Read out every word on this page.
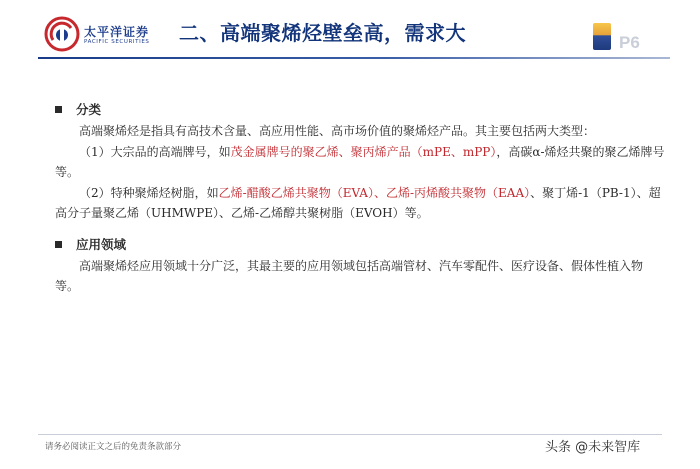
太平洋证券
PACIFIC SECURITIES 二、高端聚烯烃壁垒高，需求大	P6
分类

高端聚烯烃是指具有高技术含量、高应用性能、高市场价值的聚烯烃产品。其主要包括两大类型：

（1）大宗品的高端牌号，如茂金属牌号的聚乙烯、聚丙烯产品（mPE、mPP），高碳α-烯烃共聚的聚乙烯牌号等。

（2）特种聚烯烃树脂，如乙烯-醋酸乙烯共聚物（EVA）、乙烯-丙烯酸共聚物（EAA）、聚丁烯-1（PB-1）、超高分子量聚乙烯（UHMWPE）、乙烯-乙烯醇共聚树脂（EVOH）等。

应用领域

高端聚烯烃应用领域十分广泛，其最主要的应用领域包括高端管材、汽车零配件、医疗设备、假体性植入物等。

请务必阅读正文之后的免责条款部分	头条 @未来智库
